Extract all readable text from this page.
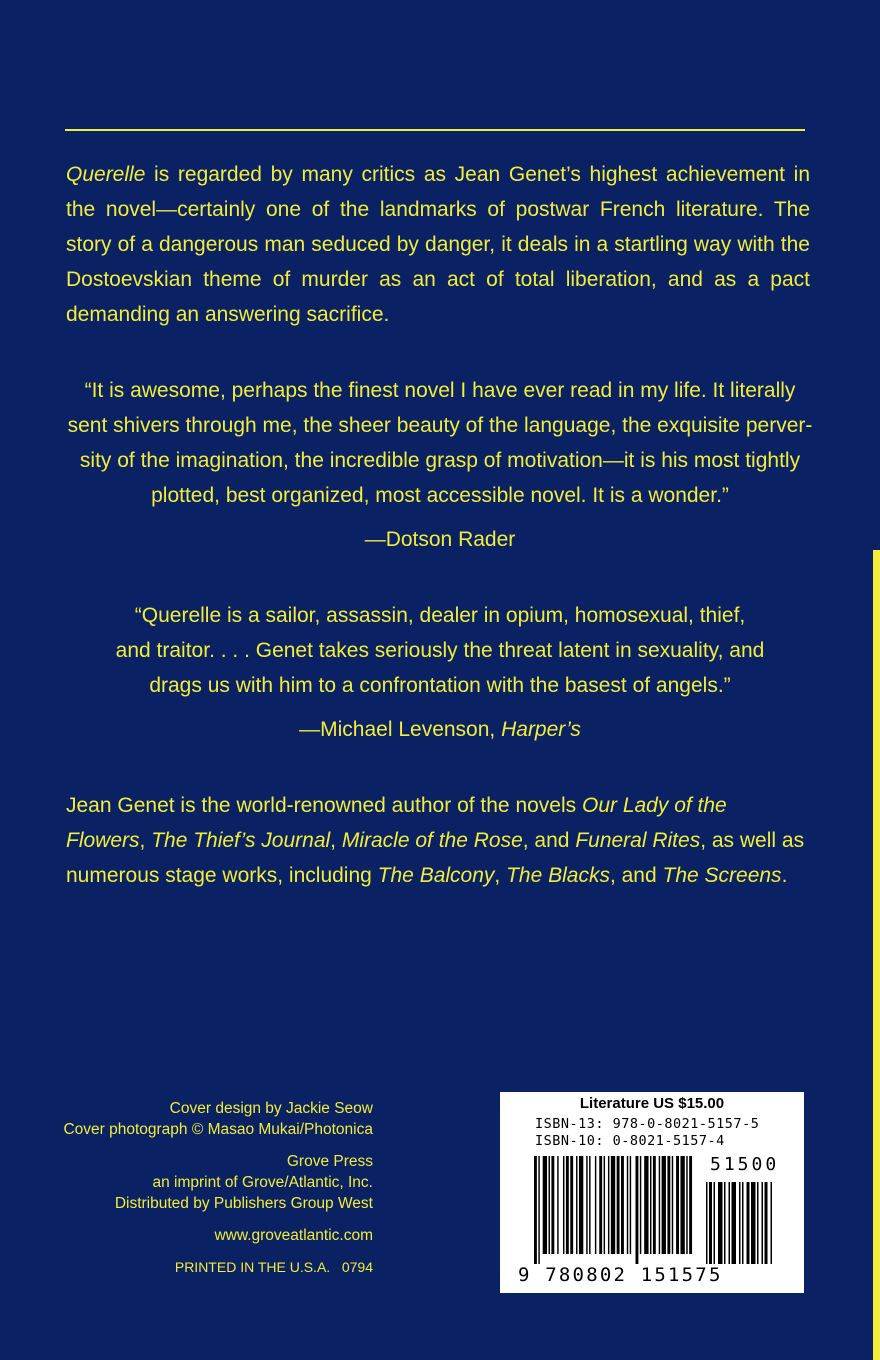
Querelle is regarded by many critics as Jean Genet’s highest achievement in the novel—certainly one of the landmarks of postwar French literature. The story of a dangerous man seduced by danger, it deals in a startling way with the Dostoevskian theme of murder as an act of total liberation, and as a pact demanding an answering sacrifice.
“It is awesome, perhaps the finest novel I have ever read in my life. It literally
sent shivers through me, the sheer beauty of the language, the exquisite perver-
sity of the imagination, the incredible grasp of motivation—it is his most tightly
plotted, best organized, most accessible novel. It is a wonder.”
—Dotson Rader
“Querelle is a sailor, assassin, dealer in opium, homosexual, thief,
and traitor. . . . Genet takes seriously the threat latent in sexuality, and
drags us with him to a confrontation with the basest of angels.”
—Michael Levenson, Harper’s
Jean Genet is the world-renowned author of the novels Our Lady of the Flowers, The Thief’s Journal, Miracle of the Rose, and Funeral Rites, as well as numerous stage works, including The Balcony, The Blacks, and The Screens.
Cover design by Jackie Seow
Cover photograph © Masao Mukai/Photonica
Grove Press
an imprint of Grove/Atlantic, Inc.
Distributed by Publishers Group West
www.groveatlantic.com
PRINTED IN THE U.S.A.   0794
Literature US $15.00
ISBN-13: 978-0-8021-5157-5
ISBN-10: 0-8021-5157-4
51500
9 780802 151575
